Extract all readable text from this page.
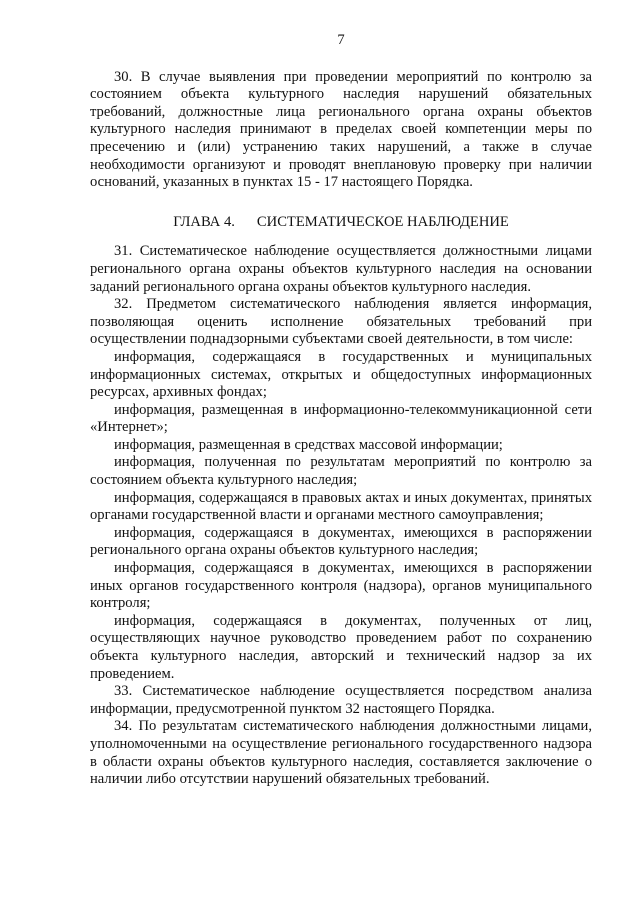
7

30. В случае выявления при проведении мероприятий по контролю за состоянием объекта культурного наследия нарушений обязательных требований, должностные лица регионального органа охраны объектов культурного наследия принимают в пределах своей компетенции меры по пресечению и (или) устранению таких нарушений, а также в случае необходимости организуют и проводят внеплановую проверку при наличии оснований, указанных в пунктах 15 - 17 настоящего Порядка.

ГЛАВА 4. СИСТЕМАТИЧЕСКОЕ НАБЛЮДЕНИЕ

31. Систематическое наблюдение осуществляется должностными лицами регионального органа охраны объектов культурного наследия на основании заданий регионального органа охраны объектов культурного наследия.

32. Предметом систематического наблюдения является информация, позволяющая оценить исполнение обязательных требований при осуществлении поднадзорными субъектами своей деятельности, в том числе:

информация, содержащаяся в государственных и муниципальных информационных системах, открытых и общедоступных информационных ресурсах, архивных фондах;

информация, размещенная в информационно-телекоммуникационной сети «Интернет»;

информация, размещенная в средствах массовой информации;

информация, полученная по результатам мероприятий по контролю за состоянием объекта культурного наследия;

информация, содержащаяся в правовых актах и иных документах, принятых органами государственной власти и органами местного самоуправления;

информация, содержащаяся в документах, имеющихся в распоряжении регионального органа охраны объектов культурного наследия;

информация, содержащаяся в документах, имеющихся в распоряжении иных органов государственного контроля (надзора), органов муниципального контроля;

информация, содержащаяся в документах, полученных от лиц, осуществляющих научное руководство проведением работ по сохранению объекта культурного наследия, авторский и технический надзор за их проведением.

33. Систематическое наблюдение осуществляется посредством анализа информации, предусмотренной пунктом 32 настоящего Порядка.

34. По результатам систематического наблюдения должностными лицами, уполномоченными на осуществление регионального государственного надзора в области охраны объектов культурного наследия, составляется заключение о наличии либо отсутствии нарушений обязательных требований.
